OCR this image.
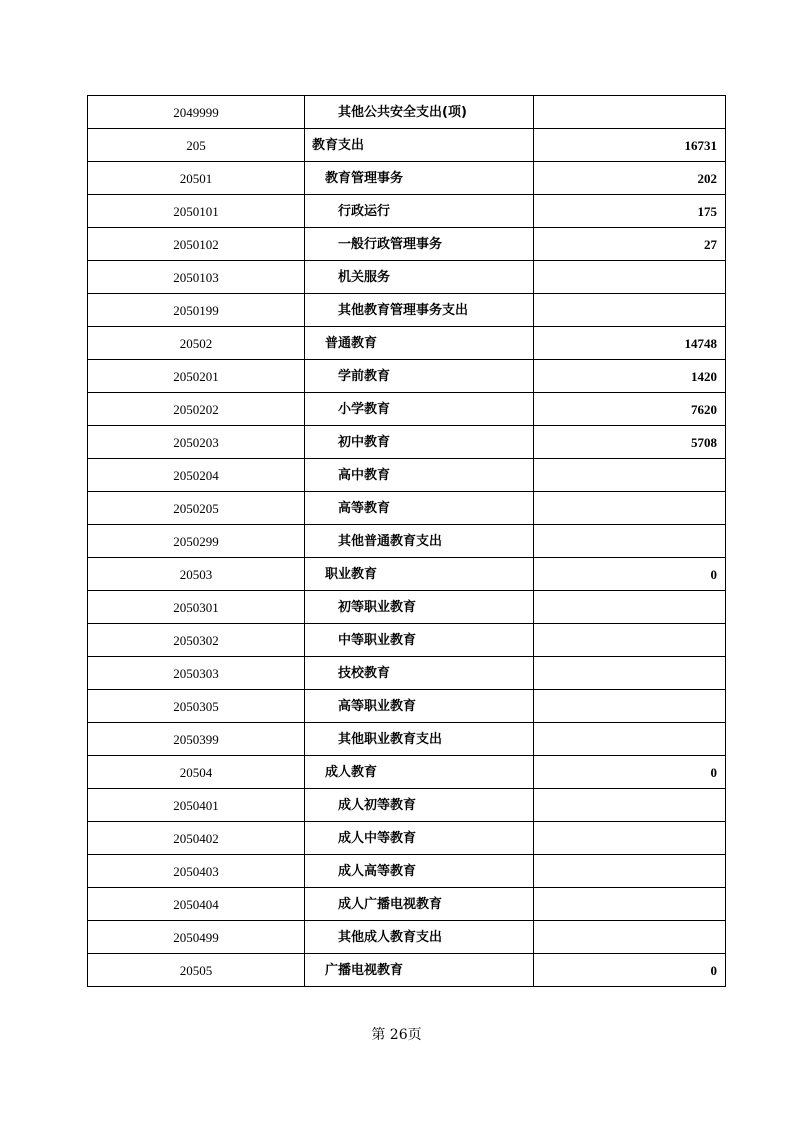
2049999	其他公共安全支出(项)	
205	教育支出	16731
20501	教育管理事务	202
2050101	行政运行	175
2050102	一般行政管理事务	27
2050103	机关服务	
2050199	其他教育管理事务支出	
20502	普通教育	14748
2050201	学前教育	1420
2050202	小学教育	7620
2050203	初中教育	5708
2050204	高中教育	
2050205	高等教育	
2050299	其他普通教育支出	
20503	职业教育	0
2050301	初等职业教育	
2050302	中等职业教育	
2050303	技校教育	
2050305	高等职业教育	
2050399	其他职业教育支出	
20504	成人教育	0
2050401	成人初等教育	
2050402	成人中等教育	
2050403	成人高等教育	
2050404	成人广播电视教育	
2050499	其他成人教育支出	
20505	广播电视教育	0
第 26页
